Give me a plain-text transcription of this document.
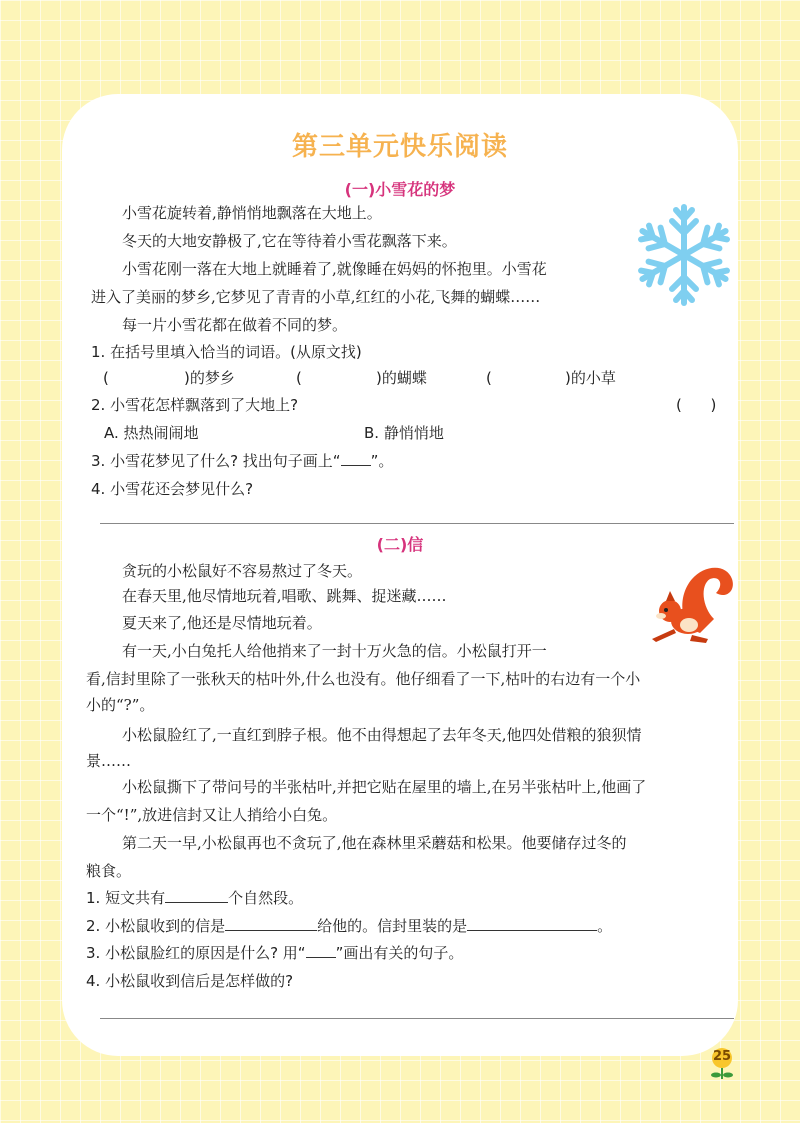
第三单元快乐阅读
(一)小雪花的梦
小雪花旋转着,静悄悄地飘落在大地上。
冬天的大地安静极了,它在等待着小雪花飘落下来。
小雪花刚一落在大地上就睡着了,就像睡在妈妈的怀抱里。小雪花
进入了美丽的梦乡,它梦见了青青的小草,红红的小花,飞舞的蝴蝶……
每一片小雪花都在做着不同的梦。
1. 在括号里填入恰当的词语。(从原文找)
(	)的梦乡	(	)的蝴蝶	(	)的小草
2. 小雪花怎样飘落到了大地上?	(      )
A. 热热闹闹地	B. 静悄悄地
3. 小雪花梦见了什么? 找出句子画上“ ”。
4. 小雪花还会梦见什么?
(二)信
贪玩的小松鼠好不容易熬过了冬天。
在春天里,他尽情地玩着,唱歌、跳舞、捉迷藏……
夏天来了,他还是尽情地玩着。
有一天,小白兔托人给他捎来了一封十万火急的信。小松鼠打开一
看,信封里除了一张秋天的枯叶外,什么也没有。他仔细看了一下,枯叶的右边有一个小
小的“?”。
小松鼠脸红了,一直红到脖子根。他不由得想起了去年冬天,他四处借粮的狼狈情
景……
小松鼠撕下了带问号的半张枯叶,并把它贴在屋里的墙上,在另半张枯叶上,他画了
一个“!”,放进信封又让人捎给小白兔。
第二天一早,小松鼠再也不贪玩了,他在森林里采蘑菇和松果。他要储存过冬的
粮食。
1. 短文共有	个自然段。
2. 小松鼠收到的信是	给他的。信封里装的是	。
3. 小松鼠脸红的原因是什么? 用“ ”画出有关的句子。
4. 小松鼠收到信后是怎样做的?
25
